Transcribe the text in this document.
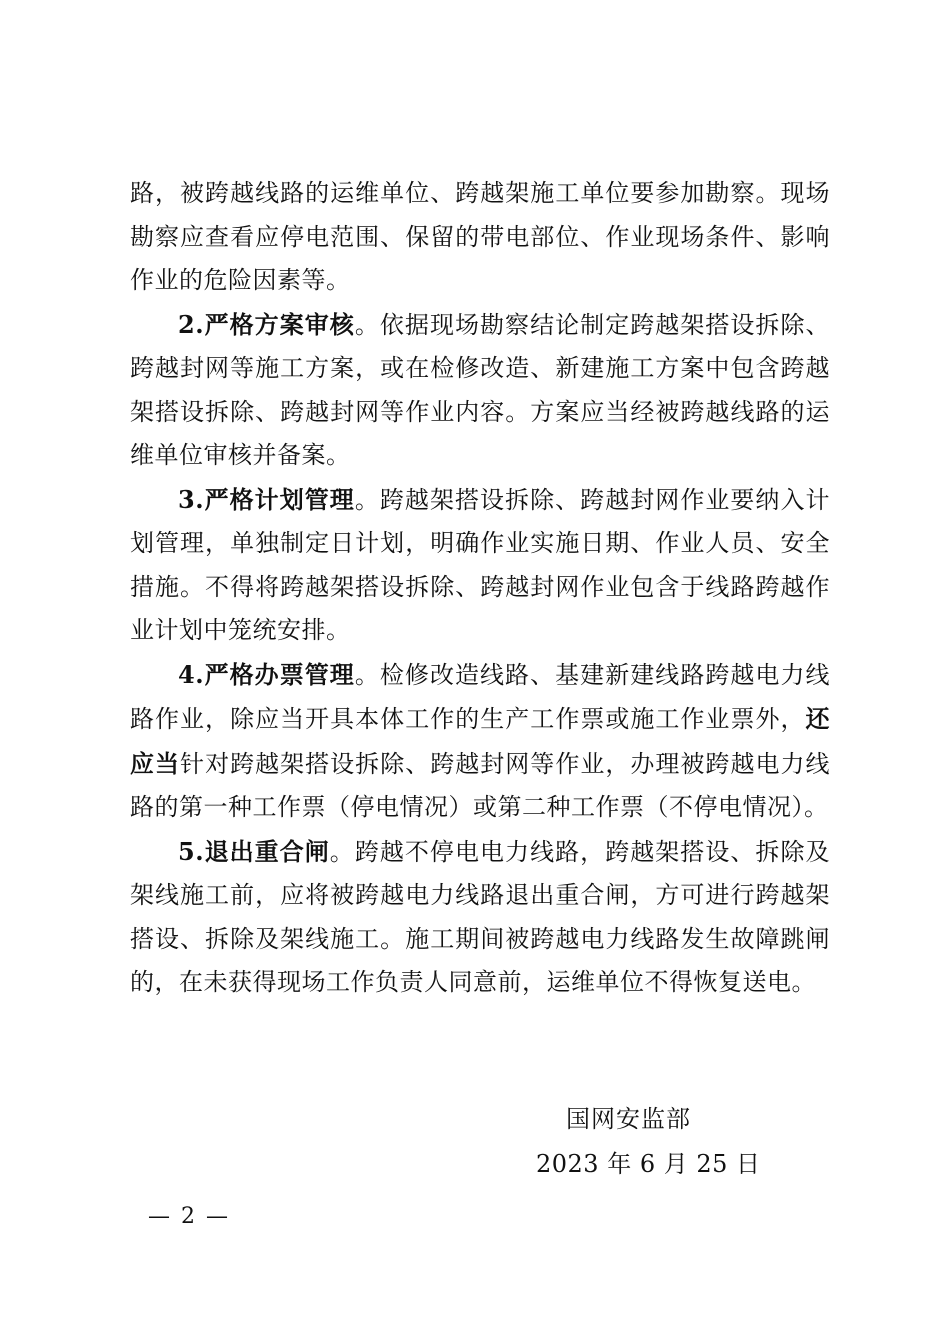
路，被跨越线路的运维单位、跨越架施工单位要参加勘察。现场勘察应查看应停电范围、保留的带电部位、作业现场条件、影响作业的危险因素等。

2.严格方案审核。依据现场勘察结论制定跨越架搭设拆除、跨越封网等施工方案，或在检修改造、新建施工方案中包含跨越架搭设拆除、跨越封网等作业内容。方案应当经被跨越线路的运维单位审核并备案。

3.严格计划管理。跨越架搭设拆除、跨越封网作业要纳入计划管理，单独制定日计划，明确作业实施日期、作业人员、安全措施。不得将跨越架搭设拆除、跨越封网作业包含于线路跨越作业计划中笼统安排。

4.严格办票管理。检修改造线路、基建新建线路跨越电力线路作业，除应当开具本体工作的生产工作票或施工作业票外，还应当针对跨越架搭设拆除、跨越封网等作业，办理被跨越电力线路的第一种工作票（停电情况）或第二种工作票（不停电情况）。

5.退出重合闸。跨越不停电电力线路，跨越架搭设、拆除及架线施工前，应将被跨越电力线路退出重合闸，方可进行跨越架搭设、拆除及架线施工。施工期间被跨越电力线路发生故障跳闸的，在未获得现场工作负责人同意前，运维单位不得恢复送电。

国网安监部
2023 年 6 月 25 日
— 2 —
